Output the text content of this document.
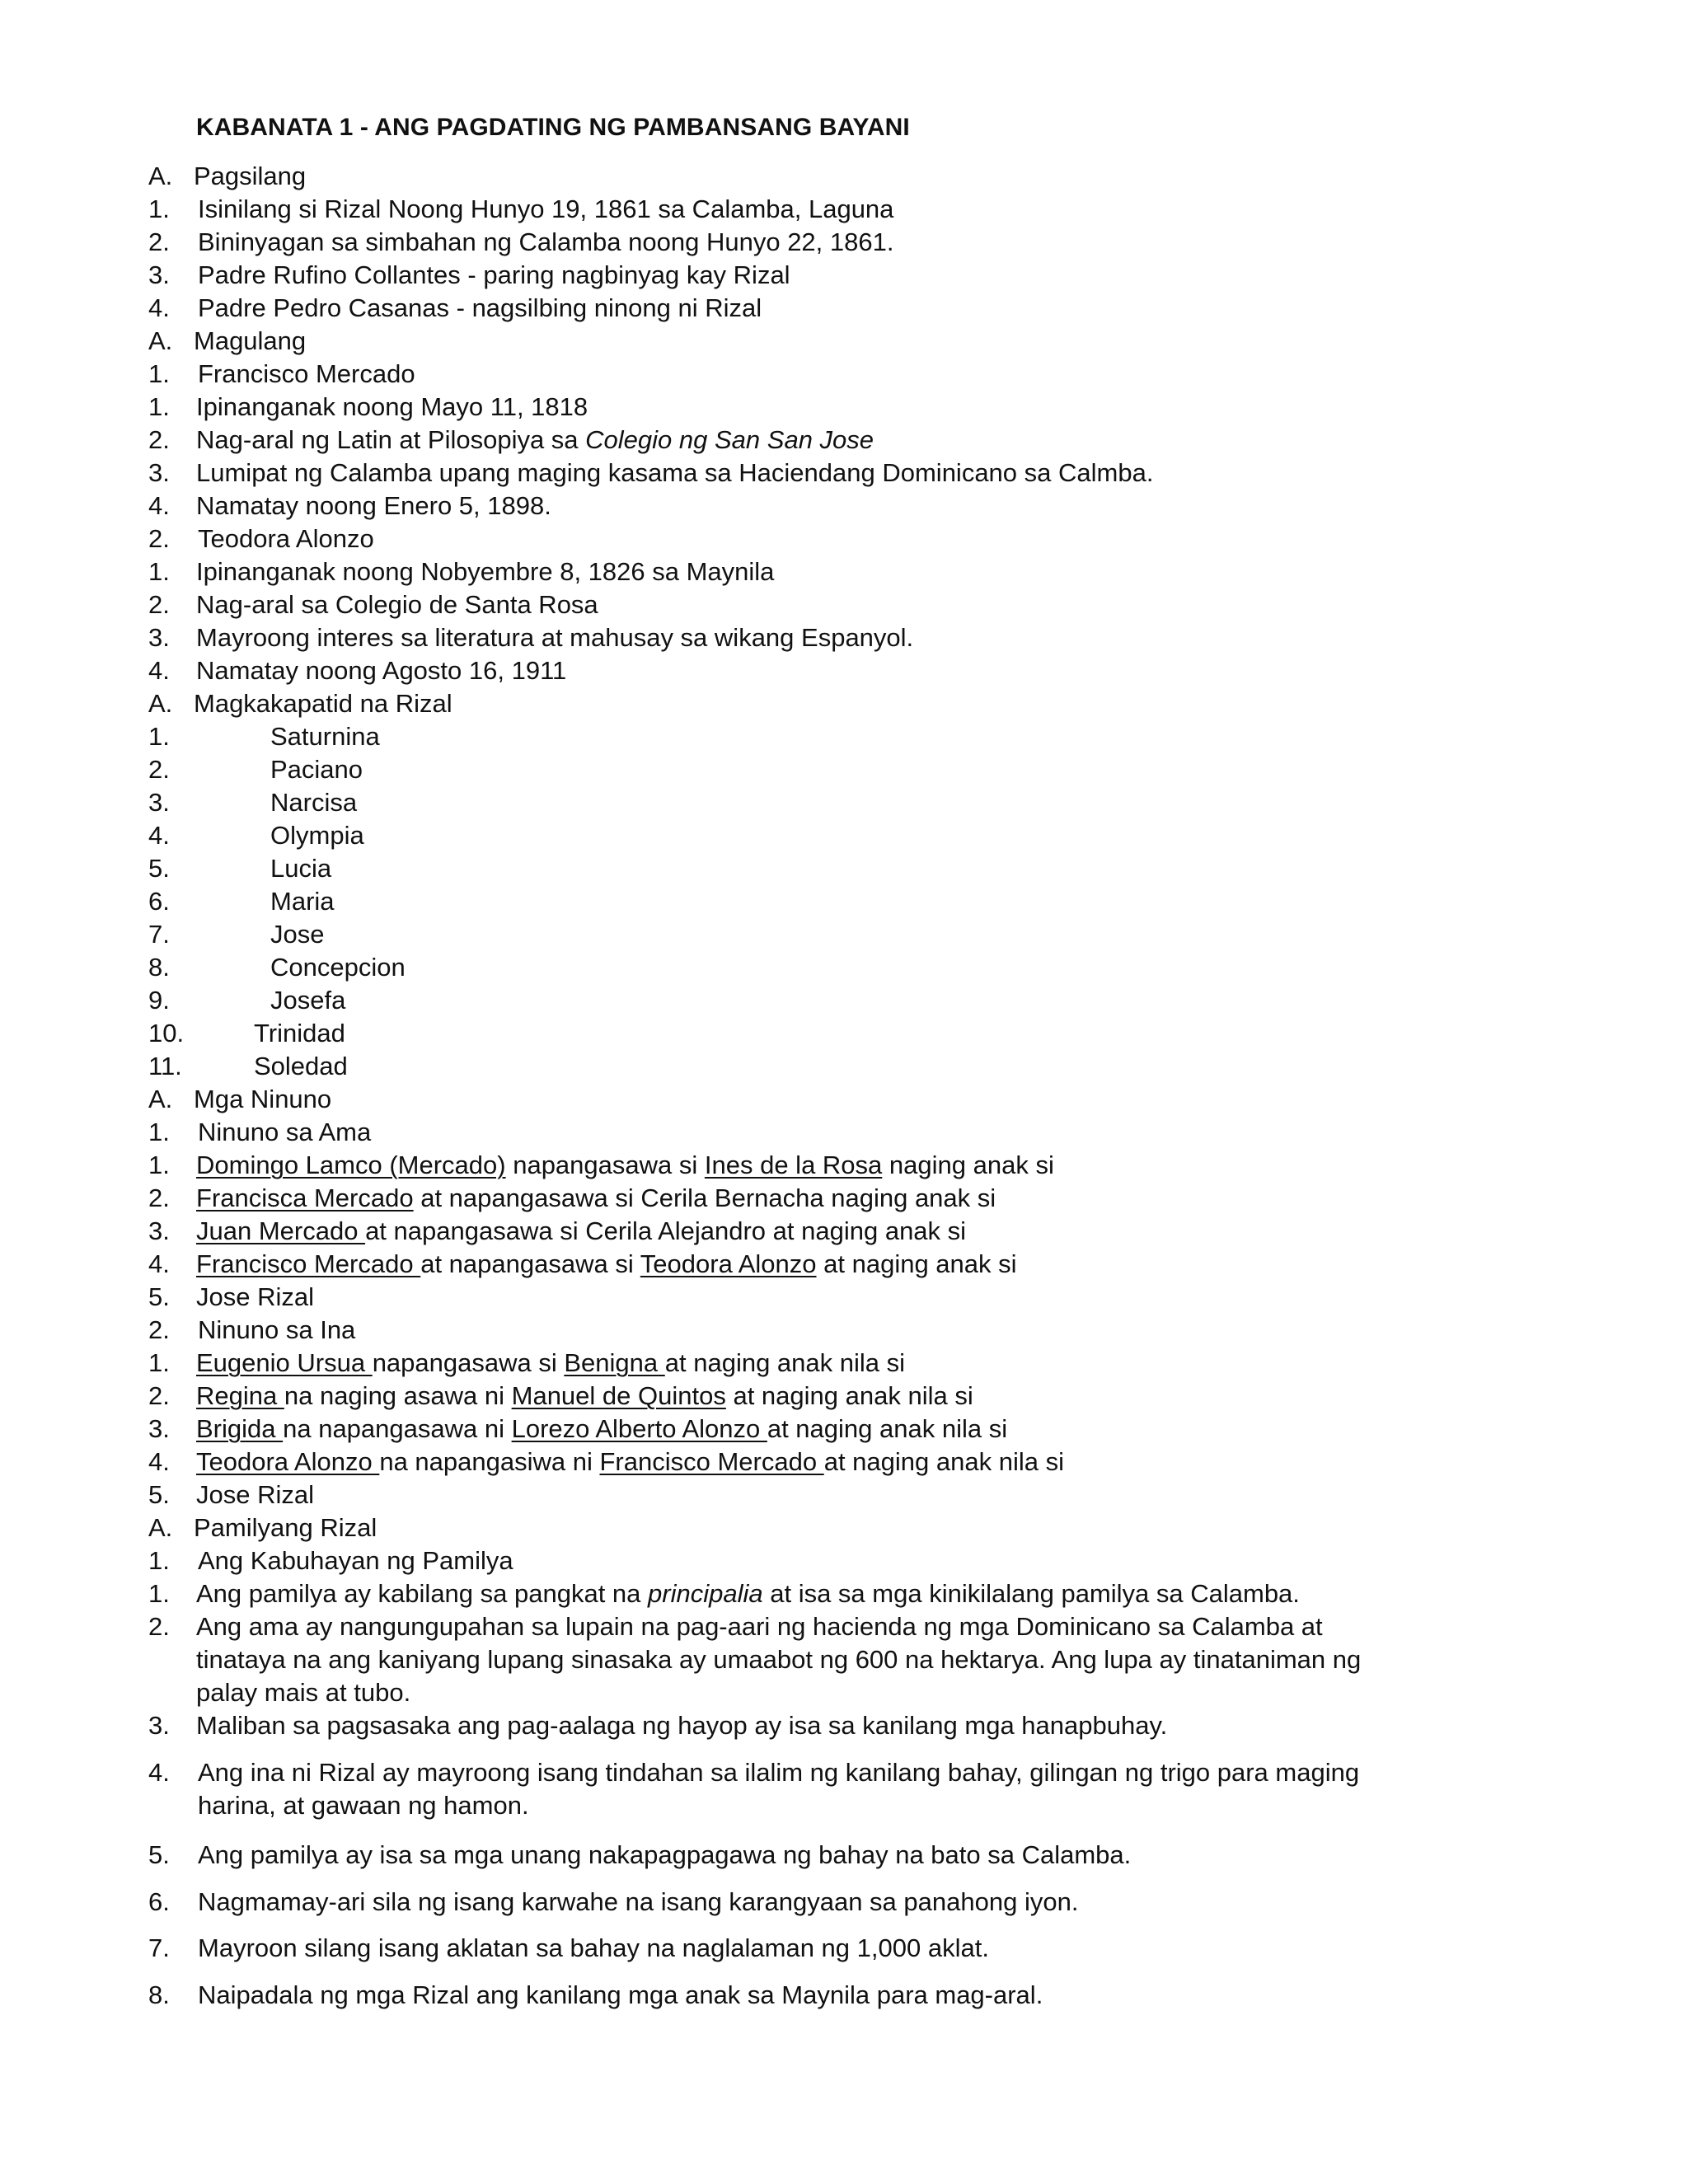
KABANATA 1 - ANG PAGDATING NG PAMBANSANG BAYANI
A. Pagsilang
1. Isinilang si Rizal Noong Hunyo 19, 1861 sa Calamba, Laguna
2. Bininyagan sa simbahan ng Calamba noong Hunyo 22, 1861.
3. Padre Rufino Collantes - paring nagbinyag kay Rizal
4. Padre Pedro Casanas - nagsilbing ninong ni Rizal
A. Magulang
1. Francisco Mercado
1. Ipinanganak noong Mayo 11, 1818
2. Nag-aral ng Latin at Pilosopiya sa Colegio ng San San Jose
3. Lumipat ng Calamba upang maging kasama sa Haciendang Dominicano sa Calmba.
4. Namatay noong Enero 5, 1898.
2. Teodora Alonzo
1. Ipinanganak noong Nobyembre 8, 1826 sa Maynila
2. Nag-aral sa Colegio de Santa Rosa
3. Mayroong interes sa literatura at mahusay sa wikang Espanyol.
4. Namatay noong Agosto 16, 1911
A. Magkakapatid na Rizal
1.	Saturnina
2.	Paciano
3.	Narcisa
4.	Olympia
5.	Lucia
6.	Maria
7.	Jose
8.	Concepcion
9.	Josefa
10.	Trinidad
11.	Soledad
A. Mga Ninuno
1. Ninuno sa Ama
1. Domingo Lamco (Mercado) napangasawa si Ines de la Rosa naging anak si
2. Francisca Mercado at napangasawa si Cerila Bernacha naging anak si
3. Juan Mercado at napangasawa si Cerila Alejandro at naging anak si
4. Francisco Mercado at napangasawa si Teodora Alonzo at naging anak si
5. Jose Rizal
2. Ninuno sa Ina
1. Eugenio Ursua napangasawa si Benigna at naging anak nila si
2. Regina na naging asawa ni Manuel de Quintos at naging anak nila si
3. Brigida na napangasawa ni Lorezo Alberto Alonzo at naging anak nila si
4. Teodora Alonzo na napangasiwa ni Francisco Mercado at naging anak nila si
5. Jose Rizal
A. Pamilyang Rizal
1. Ang Kabuhayan ng Pamilya
1. Ang pamilya ay kabilang sa pangkat na principalia at isa sa mga kinikilalang pamilya sa Calamba.
2. Ang ama ay nangungupahan sa lupain na pag-aari ng hacienda ng mga Dominicano sa Calamba at tinataya na ang kaniyang lupang sinasaka ay umaabot ng 600 na hektarya. Ang lupa ay tinataniman ng palay mais at tubo.
3. Maliban sa pagsasaka ang pag-aalaga ng hayop ay isa sa kanilang mga hanapbuhay.
4. Ang ina ni Rizal ay mayroong isang tindahan sa ilalim ng kanilang bahay, gilingan ng trigo para maging harina, at gawaan ng hamon.
5. Ang pamilya ay isa sa mga unang nakapagpagawa ng bahay na bato sa Calamba.
6. Nagmamay-ari sila ng isang karwahe na isang karangyaan sa panahong iyon.
7. Mayroon silang isang aklatan sa bahay na naglalaman ng 1,000 aklat.
8. Naipadala ng mga Rizal ang kanilang mga anak sa Maynila para mag-aral.
